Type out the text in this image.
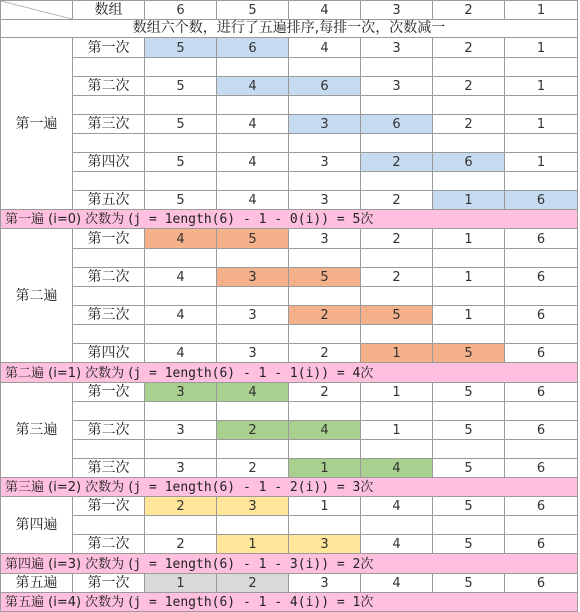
数组	6	5	4	3	2	1
数组六个数，进行了五遍排序,每排一次，次数减一
第一遍
第一次	5	6	4	3	2	1
第二次	5	4	6	3	2	1
第三次	5	4	3	6	2	1
第四次	5	4	3	2	6	1
第五次	5	4	3	2	1	6
第一遍 (i=0) 次数为 ( j = 1ength(6) - 1 - 0(i)) = 5 次
第二遍
第一次	4	5	3	2	1	6
第二次	4	3	5	2	1	6
第三次	4	3	2	5	1	6
第四次	4	3	2	1	5	6
第二遍 (i=1) 次数为 ( j = 1ength(6) - 1 - 1(i)) = 4 次
第三遍
第一次	3	4	2	1	5	6
第二次	3	2	4	1	5	6
第三次	3	2	1	4	5	6
第三遍 (i=2) 次数为 ( j = 1ength(6) - 1 - 2(i)) = 3 次
第四遍
第一次	2	3	1	4	5	6
第二次	2	1	3	4	5	6
第四遍 (i=3) 次数为 ( j = 1ength(6) - 1 - 3(i)) = 2 次
第五遍	第一次	1	2	3	4	5	6
第五遍 (i=4) 次数为 ( j = 1ength(6) - 1 - 4(i)) = 1 次
